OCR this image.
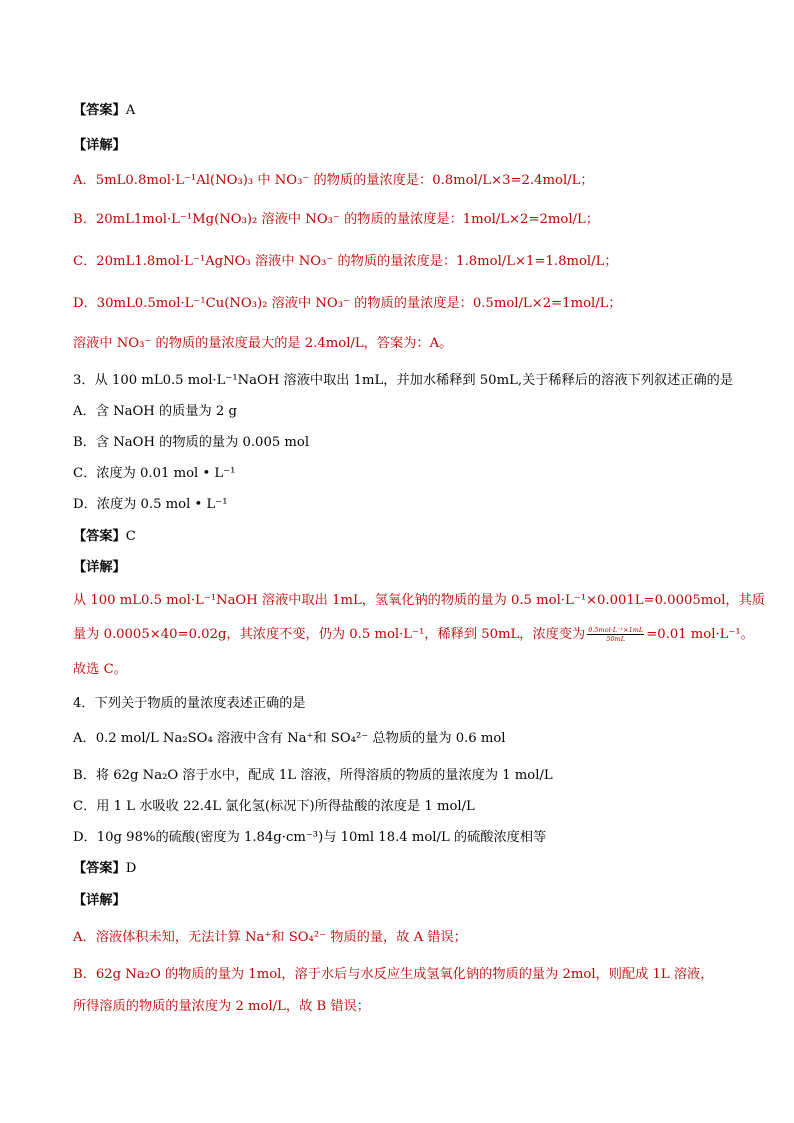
【答案】A
【详解】
A．5mL0.8mol·L⁻¹Al(NO₃)₃ 中 NO₃⁻ 的物质的量浓度是：0.8mol/L×3=2.4mol/L；
B．20mL1mol·L⁻¹Mg(NO₃)₂ 溶液中 NO₃⁻ 的物质的量浓度是：1mol/L×2=2mol/L；
C．20mL1.8mol·L⁻¹AgNO₃ 溶液中 NO₃⁻ 的物质的量浓度是：1.8mol/L×1=1.8mol/L；
D．30mL0.5mol·L⁻¹Cu(NO₃)₂ 溶液中 NO₃⁻ 的物质的量浓度是：0.5mol/L×2=1mol/L；
溶液中 NO₃⁻ 的物质的量浓度最大的是 2.4mol/L，答案为：A。
3．从 100 mL0.5 mol·L⁻¹NaOH 溶液中取出 1mL，并加水稀释到 50mL,关于稀释后的溶液下列叙述正确的是
A．含 NaOH 的质量为 2 g
B．含 NaOH 的物质的量为 0.005 mol
C．浓度为 0.01 mol • L⁻¹
D．浓度为 0.5 mol • L⁻¹
【答案】C
【详解】
从 100 mL0.5 mol·L⁻¹NaOH 溶液中取出 1mL，氢氧化钠的物质的量为 0.5 mol·L⁻¹×0.001L=0.0005mol，其质
量为 0.0005×40=0.02g，其浓度不变，仍为 0.5 mol·L⁻¹，稀释到 50mL，浓度变为 $\frac{\text{0.5mol·L⁻¹×1mL}}{50mL} =0.01$ mol·L⁻¹。
故选 C。
4．下列关于物质的量浓度表述正确的是
A．0.2 mol/L Na₂SO₄ 溶液中含有 Na⁺和 SO₄²⁻ 总物质的量为 0.6 mol
B．将 62g Na₂O 溶于水中，配成 1L 溶液，所得溶质的物质的量浓度为 1 mol/L
C．用 1 L 水吸收 22.4L 氯化氢(标况下)所得盐酸的浓度是 1 mol/L
D．10g 98%的硫酸(密度为 1.84g·cm⁻³)与 10ml 18.4 mol/L 的硫酸浓度相等
【答案】D
【详解】
A．溶液体积未知，无法计算 Na⁺和 SO₄²⁻ 物质的量，故 A 错误；
B．62g Na₂O 的物质的量为 1mol，溶于水后与水反应生成氢氧化钠的物质的量为 2mol，则配成 1L 溶液，
所得溶质的物质的量浓度为 2 mol/L，故 B 错误；
